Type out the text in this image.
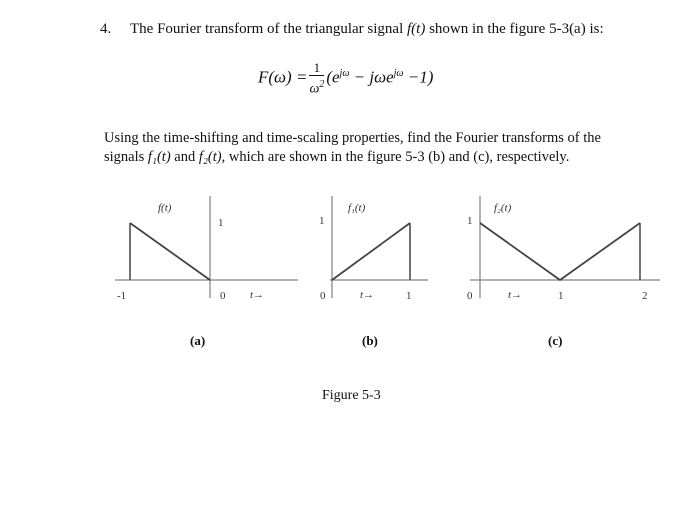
4. The Fourier transform of the triangular signal f(t) shown in the figure 5-3(a) is:
$F(\omega) = \frac{1}{\omega^2} (e^{j\omega} - j\omega e^{j\omega} -1)$
Using the time-shifting and time-scaling properties, find the Fourier transforms of the
signals f₁(t) and f₂(t), which are shown in the figure 5-3 (b) and (c), respectively.
f(t)
1
-1	0 t→
(a)
f₁(t)
1
0	1
t→
(b)
f₂(t)
1
0	1	2
t→
(c)
Figure 5-3
